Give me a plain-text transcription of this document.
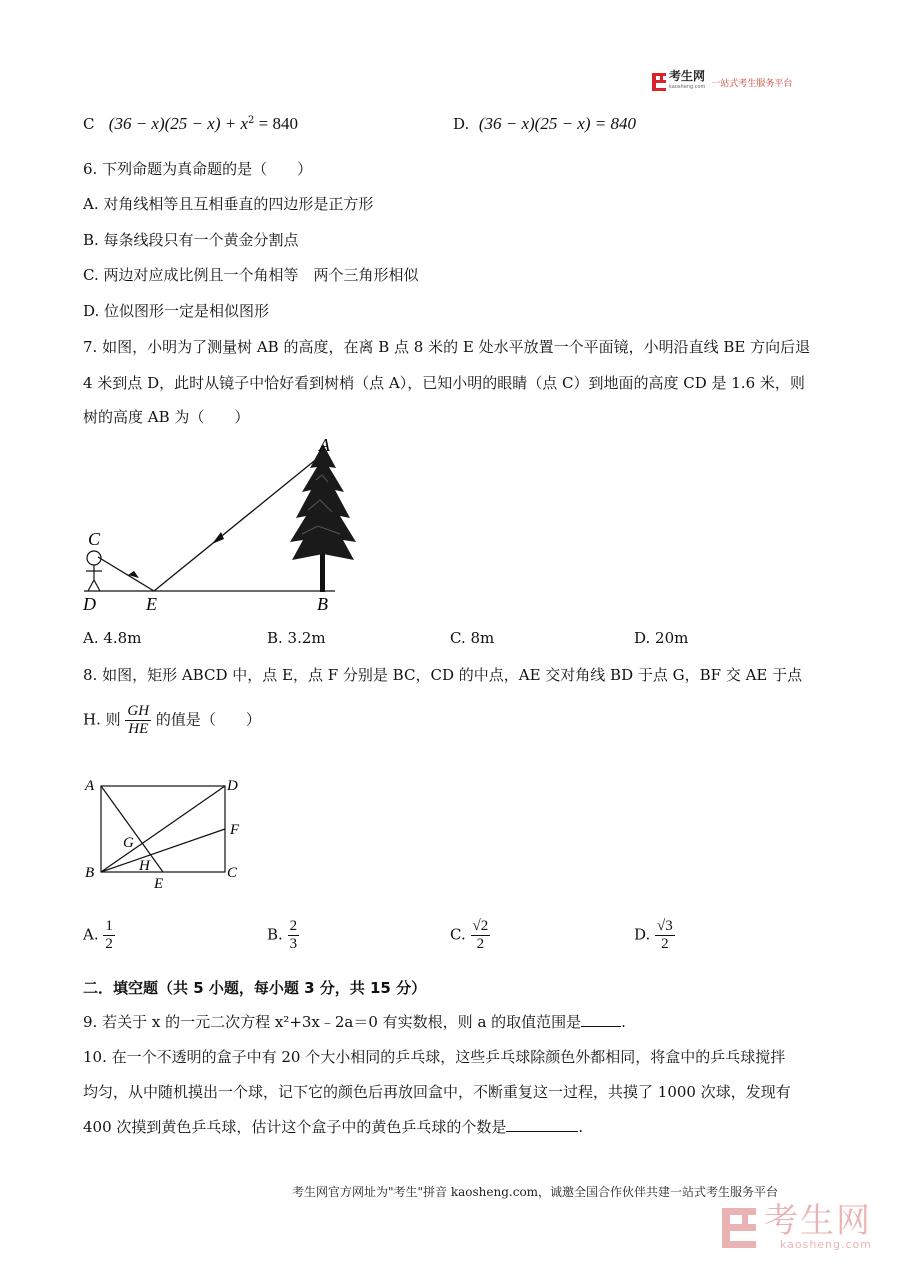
考生网
kaosheng.com 一站式考生服务平台
C $(36 - x)(25 - x) + x^2 = 840$	D. (36 − x)(25 − x) = 840
6. 下列命题为真命题的是（　　）
A. 对角线相等且互相垂直的四边形是正方形
B. 每条线段只有一个黄金分割点
C. 两边对应成比例且一个角相等　两个三角形相似
D. 位似图形一定是相似图形
7. 如图，小明为了测量树 AB 的高度，在离 B 点 8 米的 E 处水平放置一个平面镜，小明沿直线 BE 方向后退
4 米到点 D，此时从镜子中恰好看到树梢（点 A），已知小明的眼睛（点 C）到地面的高度 CD 是 1.6 米，则
树的高度 AB 为（　　）
A
B
C
D	E
A. 4.8m	B. 3.2m	C. 8m	D. 20m
8. 如图，矩形 ABCD 中，点 E，点 F 分别是 BC，CD 的中点，AE 交对角线 BD 于点 G，BF 交 AE 于点
H. 则 $\frac{GH}{HE}$ 的值是（　　）
A	D
F
B	C
E
G
H
A. $\frac{1}{2}$	B. $\frac{2}{3}$	C. $\frac{√2}{2}$	D. $\frac{√3}{2}$
二．填空题（共 5 小题，每小题 3 分，共 15 分）
9. 若关于 x 的一元二次方程 x²+3x﹣2a＝0 有实数根，则 a 的取值范围是	.
10. 在一个不透明的盒子中有 20 个大小相同的乒乓球，这些乒乓球除颜色外都相同，将盒中的乒乓球搅拌
均匀，从中随机摸出一个球，记下它的颜色后再放回盒中，不断重复这一过程，共摸了 1000 次球，发现有
400 次摸到黄色乒乓球，估计这个盒子中的黄色乒乓球的个数是	.
考生网官方网址为"考生"拼音 kaosheng.com，诚邀全国合作伙伴共建一站式考生服务平台
考生网
kaosheng.com
